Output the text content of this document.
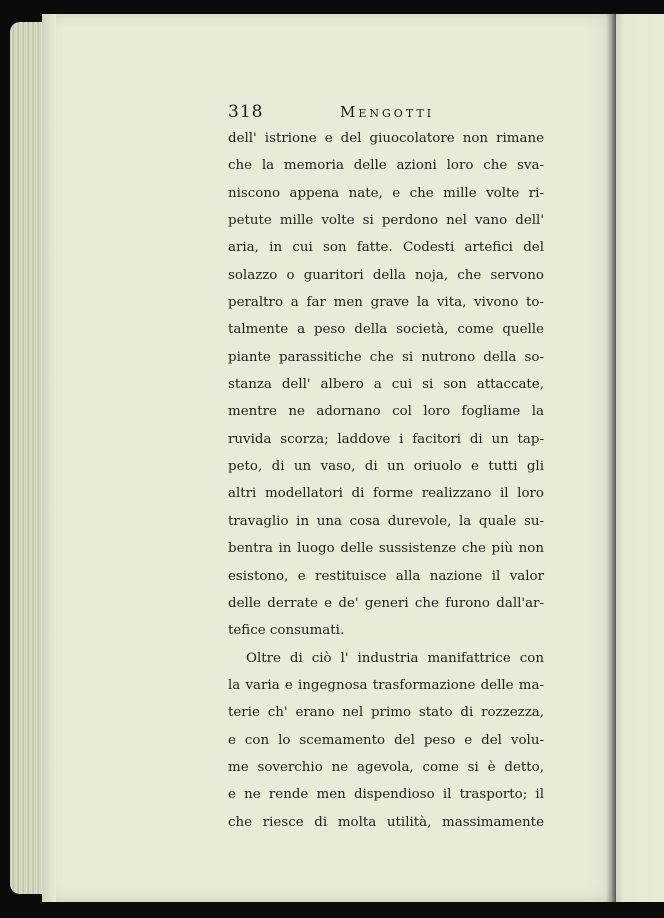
318	Mengotti
dell' istrione e del giuocolatore non rimane
che la memoria delle azioni loro che sva-
niscono appena nate, e che mille volte ri-
petute mille volte si perdono nel vano dell'
aria, in cui son fatte. Codesti artefici del
solazzo o guaritori della noja, che servono
peraltro a far men grave la vita, vivono to-
talmente a peso della società, come quelle
piante parassitiche che si nutrono della so-
stanza dell' albero a cui si son attaccate,
mentre ne adornano col loro fogliame la
ruvida scorza; laddove i facitori di un tap-
peto, di un vaso, di un oriuolo e tutti gli
altri modellatori di forme realizzano il loro
travaglio in una cosa durevole, la quale su-
bentra in luogo delle sussistenze che più non
esistono, e restituisce alla nazione il valor
delle derrate e de' generi che furono dall'ar-
tefice consumati.
Oltre di ciò l' industria manifattrice con
la varia e ingegnosa trasformazione delle ma-
terie ch' erano nel primo stato di rozzezza,
e con lo scemamento del peso e del volu-
me soverchio ne agevola, come si è detto,
e ne rende men dispendioso il trasporto; il
che riesce di molta utilità, massimamente
